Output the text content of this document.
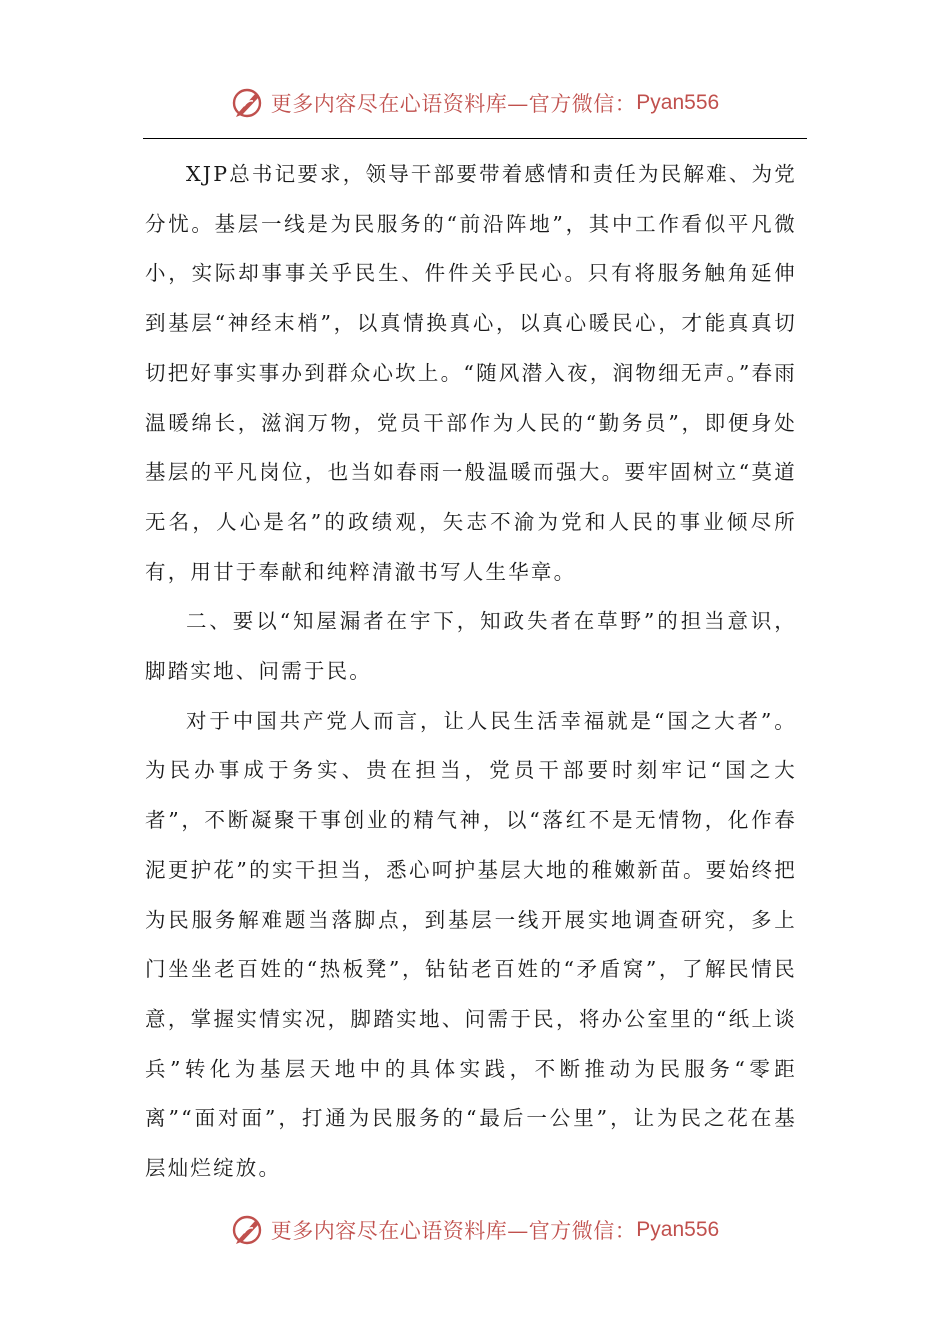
更多内容尽在心语资料库—官方微信： Pyan556

XJP总书记要求，领导干部要带着感情和责任为民解难、为党分忧。基层一线是为民服务的“前沿阵地”，其中工作看似平凡微小，实际却事事关乎民生、件件关乎民心。只有将服务触角延伸到基层“神经末梢”，以真情换真心，以真心暖民心，才能真真切切把好事实事办到群众心坎上。“随风潜入夜，润物细无声。”春雨温暖绵长，滋润万物，党员干部作为人民的“勤务员”，即便身处基层的平凡岗位，也当如春雨一般温暖而强大。要牢固树立“莫道无名，人心是名”的政绩观，矢志不渝为党和人民的事业倾尽所有，用甘于奉献和纯粹清澈书写人生华章。

二、要以“知屋漏者在宇下，知政失者在草野”的担当意识，脚踏实地、问需于民。

对于中国共产党人而言，让人民生活幸福就是“国之大者”。为民办事成于务实、贵在担当，党员干部要时刻牢记“国之大者”，不断凝聚干事创业的精气神，以“落红不是无情物，化作春泥更护花”的实干担当，悉心呵护基层大地的稚嫩新苗。要始终把为民服务解难题当落脚点，到基层一线开展实地调查研究，多上门坐坐老百姓的“热板凳”，钻钻老百姓的“矛盾窝”，了解民情民意，掌握实情实况，脚踏实地、问需于民，将办公室里的“纸上谈兵”转化为基层天地中的具体实践，不断推动为民服务“零距离”“面对面”，打通为民服务的“最后一公里”，让为民之花在基层灿烂绽放。

更多内容尽在心语资料库—官方微信： Pyan556
